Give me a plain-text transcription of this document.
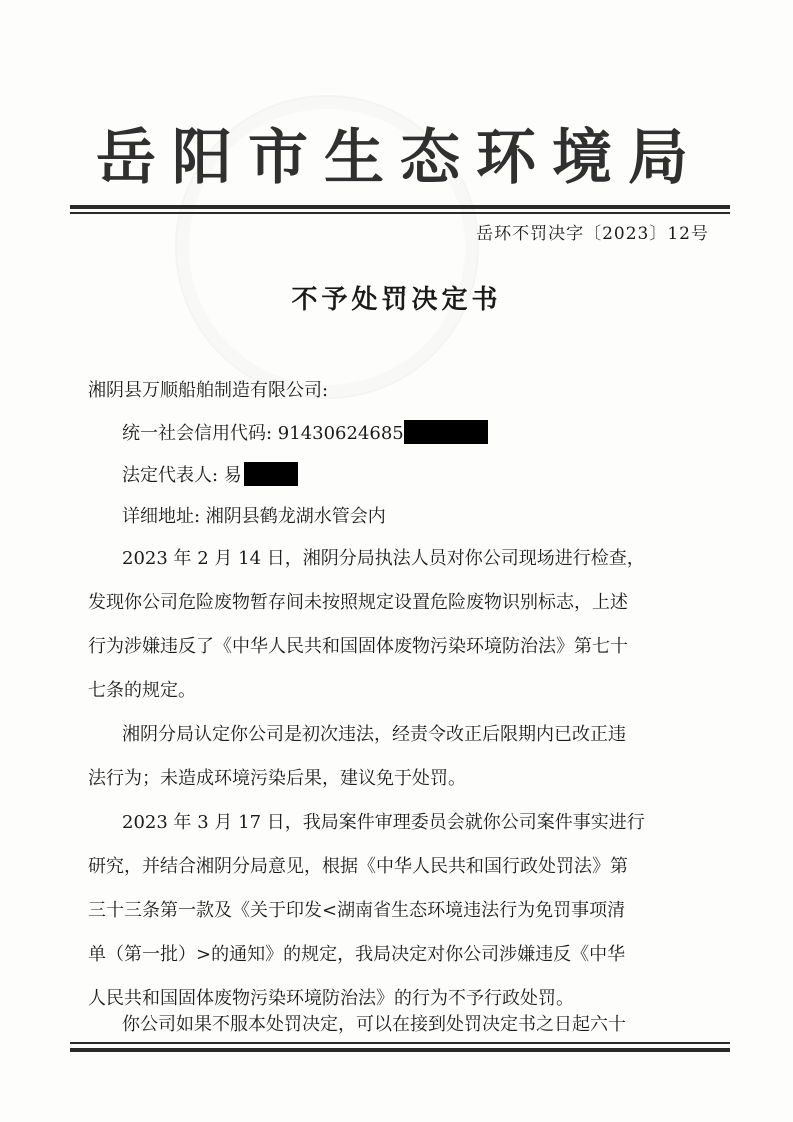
岳阳市生态环境局
岳环不罚决字〔2023〕12号
不予处罚决定书
湘阴县万顺船舶制造有限公司:
统一社会信用代码: 91430624685
法定代表人: 易
详细地址: 湘阴县鹤龙湖水管会内
2023 年 2 月 14 日，湘阴分局执法人员对你公司现场进行检查，
发现你公司危险废物暂存间未按照规定设置危险废物识别标志，上述
行为涉嫌违反了《中华人民共和国固体废物污染环境防治法》第七十
七条的规定。
湘阴分局认定你公司是初次违法，经责令改正后限期内已改正违
法行为；未造成环境污染后果，建议免于处罚。
2023 年 3 月 17 日，我局案件审理委员会就你公司案件事实进行
研究，并结合湘阴分局意见，根据《中华人民共和国行政处罚法》第
三十三条第一款及《关于印发<湖南省生态环境违法行为免罚事项清
单（第一批）>的通知》的规定，我局决定对你公司涉嫌违反《中华
人民共和国固体废物污染环境防治法》的行为不予行政处罚。
你公司如果不服本处罚决定，可以在接到处罚决定书之日起六十
